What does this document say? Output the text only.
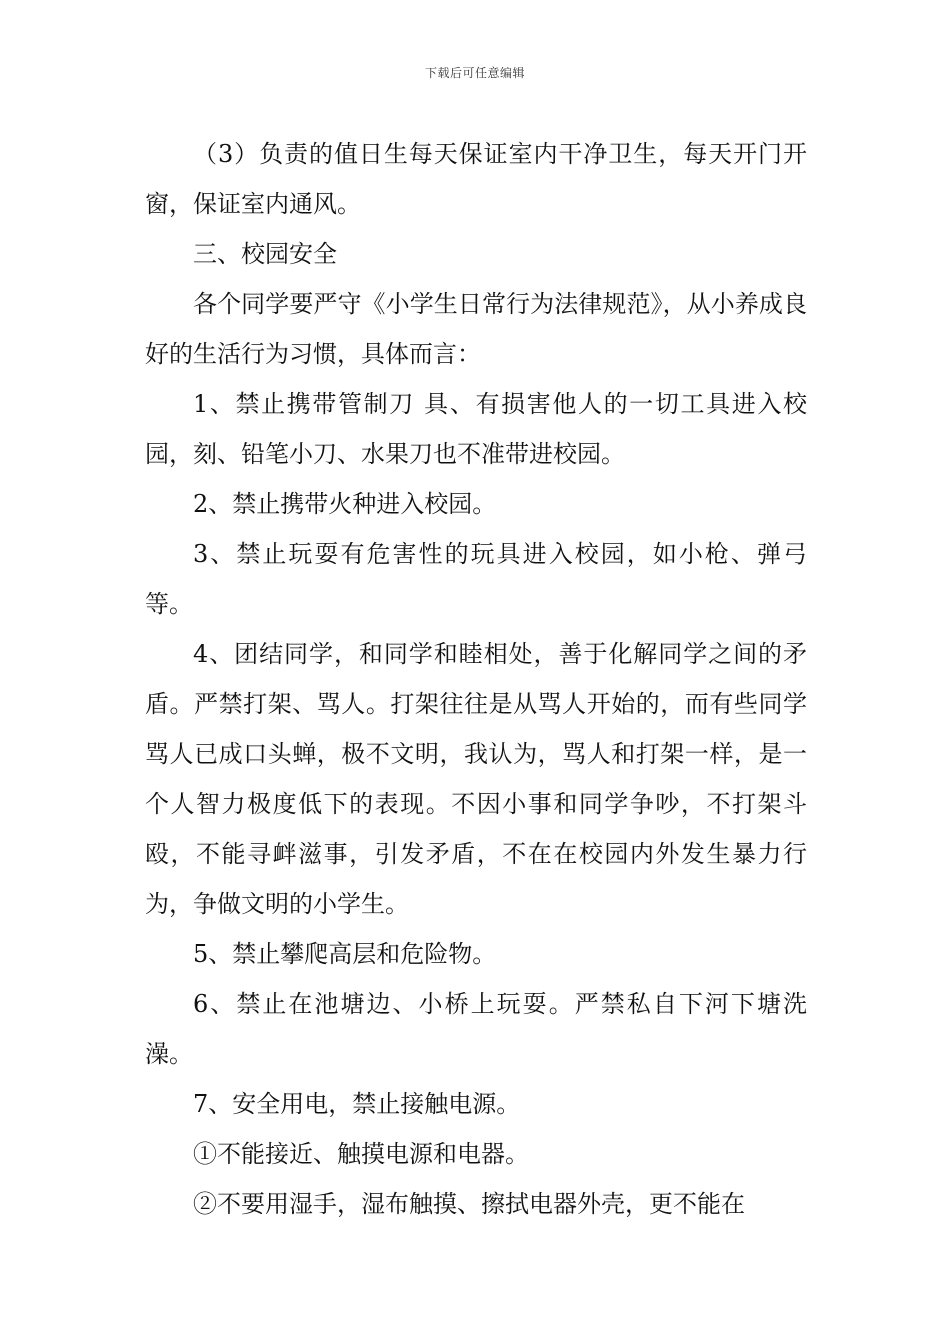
下载后可任意编辑

（3）负责的值日生每天保证室内干净卫生，每天开门开窗，保证室内通风。

三、校园安全

各个同学要严守《小学生日常行为法律规范》，从小养成良好的生活行为习惯，具体而言：

1、禁止携带管制刀 具、有损害他人的一切工具进入校园，刻、铅笔小刀、水果刀也不准带进校园。

2、禁止携带火种进入校园。

3、禁止玩耍有危害性的玩具进入校园，如小枪、弹弓等。

4、团结同学，和同学和睦相处，善于化解同学之间的矛盾。严禁打架、骂人。打架往往是从骂人开始的，而有些同学骂人已成口头蝉，极不文明，我认为，骂人和打架一样，是一个人智力极度低下的表现。不因小事和同学争吵，不打架斗殴，不能寻衅滋事，引发矛盾，不在在校园内外发生暴力行为，争做文明的小学生。

5、禁止攀爬高层和危险物。

6、禁止在池塘边、小桥上玩耍。严禁私自下河下塘洗澡。

7、安全用电，禁止接触电源。

①不能接近、触摸电源和电器。

②不要用湿手，湿布触摸、擦拭电器外壳，更不能在
